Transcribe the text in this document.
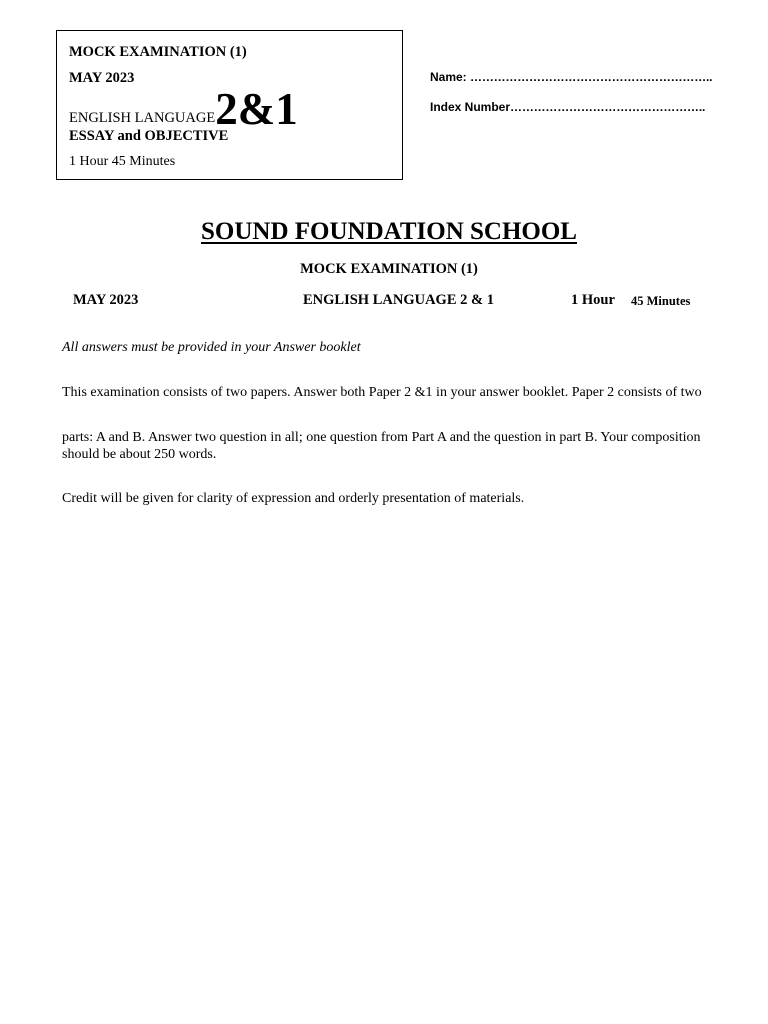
MOCK EXAMINATION (1)
MAY 2023
ENGLISH LANGUAGE2&1
ESSAY and OBJECTIVE
1 Hour 45 Minutes
Name: ……………………………………………………..
Index Number…………………………………………..
SOUND FOUNDATION SCHOOL
MOCK EXAMINATION (1)
MAY 2023	ENGLISH LANGUAGE 2 & 1	1 Hour 45 Minutes
All answers must be provided in your Answer booklet
This examination consists of two papers. Answer both Paper 2 &1 in your answer booklet. Paper 2 consists of two
parts: A and B. Answer two question in all; one question from Part A and the question in part B. Your composition should be about 250 words.
Credit will be given for clarity of expression and orderly presentation of materials.
